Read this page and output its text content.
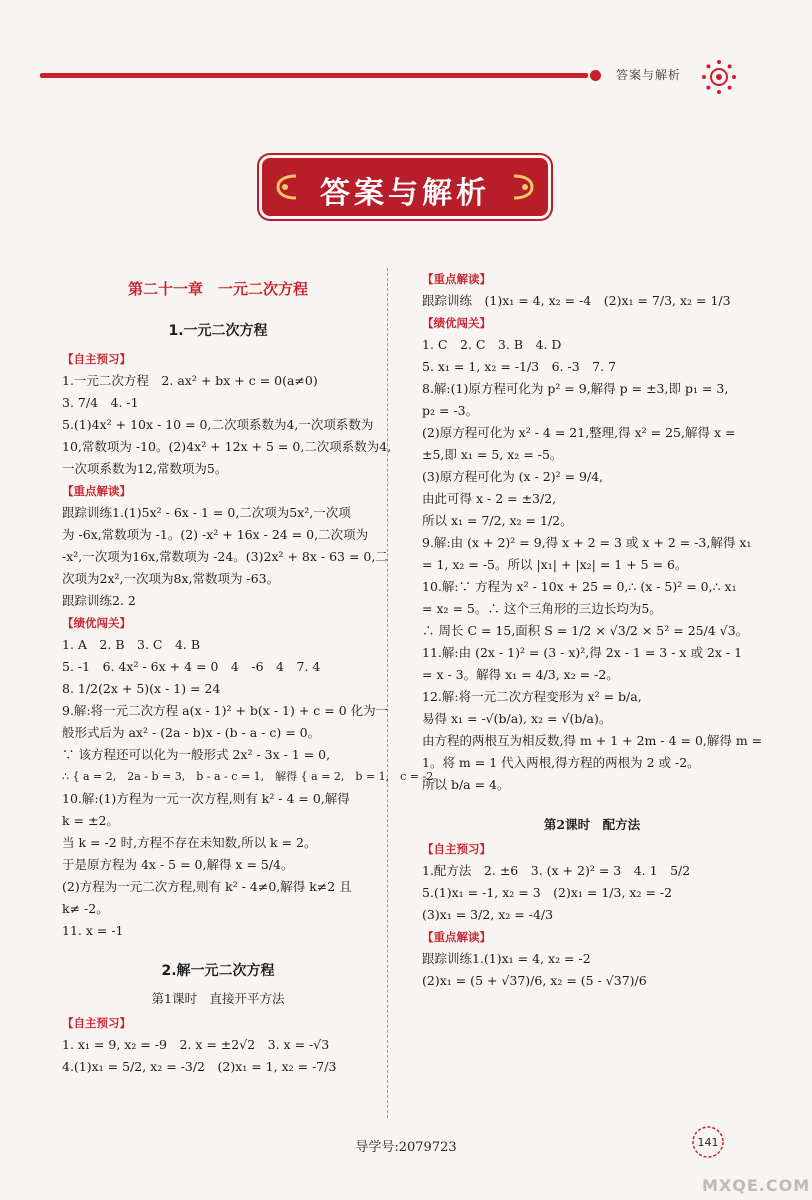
答案与解析
答案与解析
第二十一章　一元二次方程
1.一元二次方程
【自主预习】
1.一元二次方程　2. ax² + bx + c = 0(a≠0)
3. 7/4　4. -1
5.(1)4x² + 10x - 10 = 0,二次项系数为4,一次项系数为
10,常数项为 -10。(2)4x² + 12x + 5 = 0,二次项系数为4,
一次项系数为12,常数项为5。
【重点解读】
跟踪训练1.(1)5x² - 6x - 1 = 0,二次项为5x²,一次项
为 -6x,常数项为 -1。(2) -x² + 16x - 24 = 0,二次项为
-x²,一次项为16x,常数项为 -24。(3)2x² + 8x - 63 = 0,二
次项为2x²,一次项为8x,常数项为 -63。
跟踪训练2. 2
【绩优闯关】
1. A　2. B　3. C　4. B
5. -1　6. 4x² - 6x + 4 = 0　4　-6　4　7. 4
8. 1/2(2x + 5)(x - 1) = 24
9.解:将一元二次方程 a(x - 1)² + b(x - 1) + c = 0 化为一
般形式后为 ax² - (2a - b)x - (b - a - c) = 0。
∵ 该方程还可以化为一般形式 2x² - 3x - 1 = 0,
∴ { a = 2,　2a - b = 3,　b - a - c = 1,　解得 { a = 2,　b = 1,　c = -2。
10.解:(1)方程为一元一次方程,则有 k² - 4 = 0,解得
k = ±2。
当 k = -2 时,方程不存在未知数,所以 k = 2。
于是原方程为 4x - 5 = 0,解得 x = 5/4。
(2)方程为一元二次方程,则有 k² - 4≠0,解得 k≠2 且
k≠ -2。
11. x = -1
2.解一元二次方程
第1课时　直接开平方法
【自主预习】
1. x₁ = 9, x₂ = -9　2. x = ±2√2　3. x = -√3
4.(1)x₁ = 5/2, x₂ = -3/2　(2)x₁ = 1, x₂ = -7/3
【重点解读】
跟踪训练　(1)x₁ = 4, x₂ = -4　(2)x₁ = 7/3, x₂ = 1/3
【绩优闯关】
1. C　2. C　3. B　4. D
5. x₁ = 1, x₂ = -1/3　6. -3　7. 7
8.解:(1)原方程可化为 p² = 9,解得 p = ±3,即 p₁ = 3,
p₂ = -3。
(2)原方程可化为 x² - 4 = 21,整理,得 x² = 25,解得 x =
±5,即 x₁ = 5, x₂ = -5。
(3)原方程可化为 (x - 2)² = 9/4,
由此可得 x - 2 = ±3/2,
所以 x₁ = 7/2, x₂ = 1/2。
9.解:由 (x + 2)² = 9,得 x + 2 = 3 或 x + 2 = -3,解得 x₁
= 1, x₂ = -5。所以 |x₁| + |x₂| = 1 + 5 = 6。
10.解:∵ 方程为 x² - 10x + 25 = 0,∴ (x - 5)² = 0,∴ x₁
= x₂ = 5。∴ 这个三角形的三边长均为5。
∴ 周长 C = 15,面积 S = 1/2 × √3/2 × 5² = 25/4 √3。
11.解:由 (2x - 1)² = (3 - x)²,得 2x - 1 = 3 - x 或 2x - 1
= x - 3。解得 x₁ = 4/3, x₂ = -2。
12.解:将一元二次方程变形为 x² = b/a,
易得 x₁ = -√(b/a), x₂ = √(b/a)。
由方程的两根互为相反数,得 m + 1 + 2m - 4 = 0,解得 m =
1。将 m = 1 代入两根,得方程的两根为 2 或 -2。
所以 b/a = 4。
第2课时　配方法
【自主预习】
1.配方法　2. ±6　3. (x + 2)² = 3　4. 1　5/2
5.(1)x₁ = -1, x₂ = 3　(2)x₁ = 1/3, x₂ = -2
(3)x₁ = 3/2, x₂ = -4/3
【重点解读】
跟踪训练1.(1)x₁ = 4, x₂ = -2
(2)x₁ = (5 + √37)/6, x₂ = (5 - √37)/6
导学号:2079723	141
MXQE.COM
